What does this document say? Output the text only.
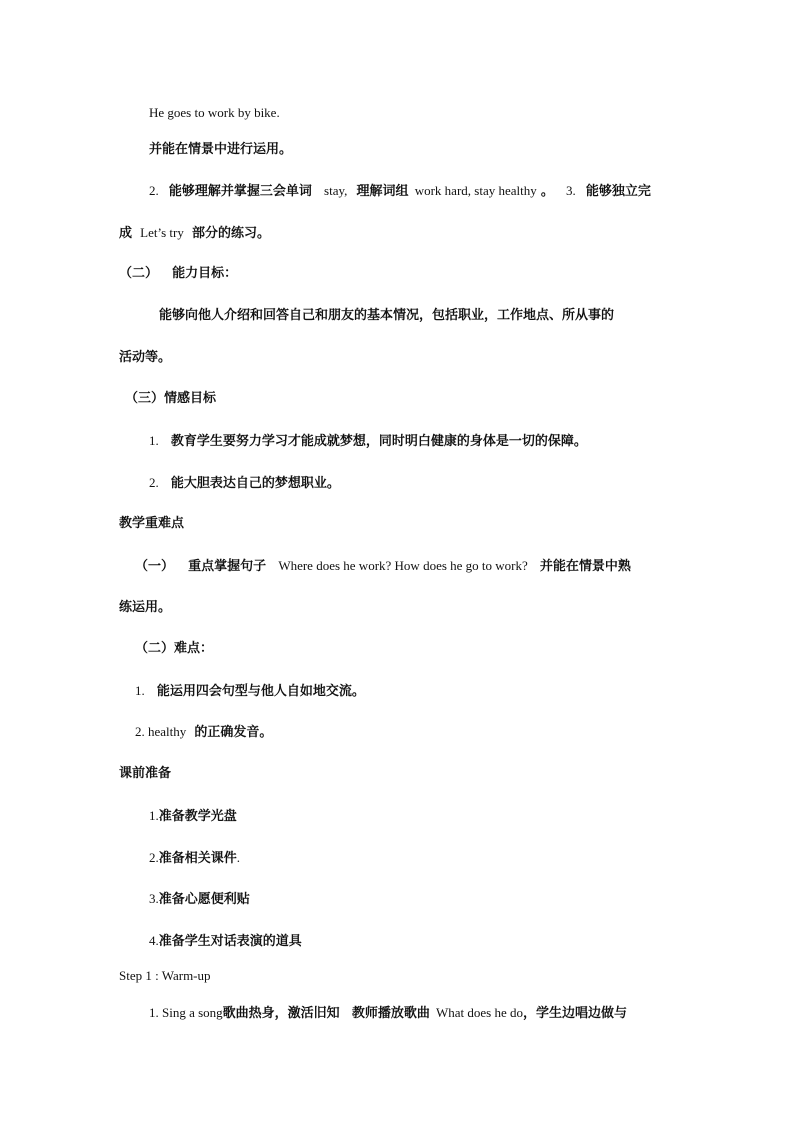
He goes to work by bike.
并能在情景中进行运用。
2. 能够理解并掌握三会单词 stay, 理解词组 work hard, stay healthy 。 3. 能够独立完
成 Let’s try 部分的练习。
（二） 能力目标：
能够向他人介绍和回答自己和朋友的基本情况，包括职业，工作地点、所从事的
活动等。
（三）情感目标
1. 教育学生要努力学习才能成就梦想，同时明白健康的身体是一切的保障。
2. 能大胆表达自己的梦想职业。
教学重难点
（一） 重点掌握句子 Where does he work? How does he go to work? 并能在情景中熟
练运用。
（二）难点：
1. 能运用四会句型与他人自如地交流。
2. healthy 的正确发音。
课前准备
1.准备教学光盘
2.准备相关课件.
3.准备心愿便利贴
4.准备学生对话表演的道具
Step 1 : Warm-up
1. Sing a song歌曲热身，激活旧知 教师播放歌曲 What does he do，学生边唱边做与
